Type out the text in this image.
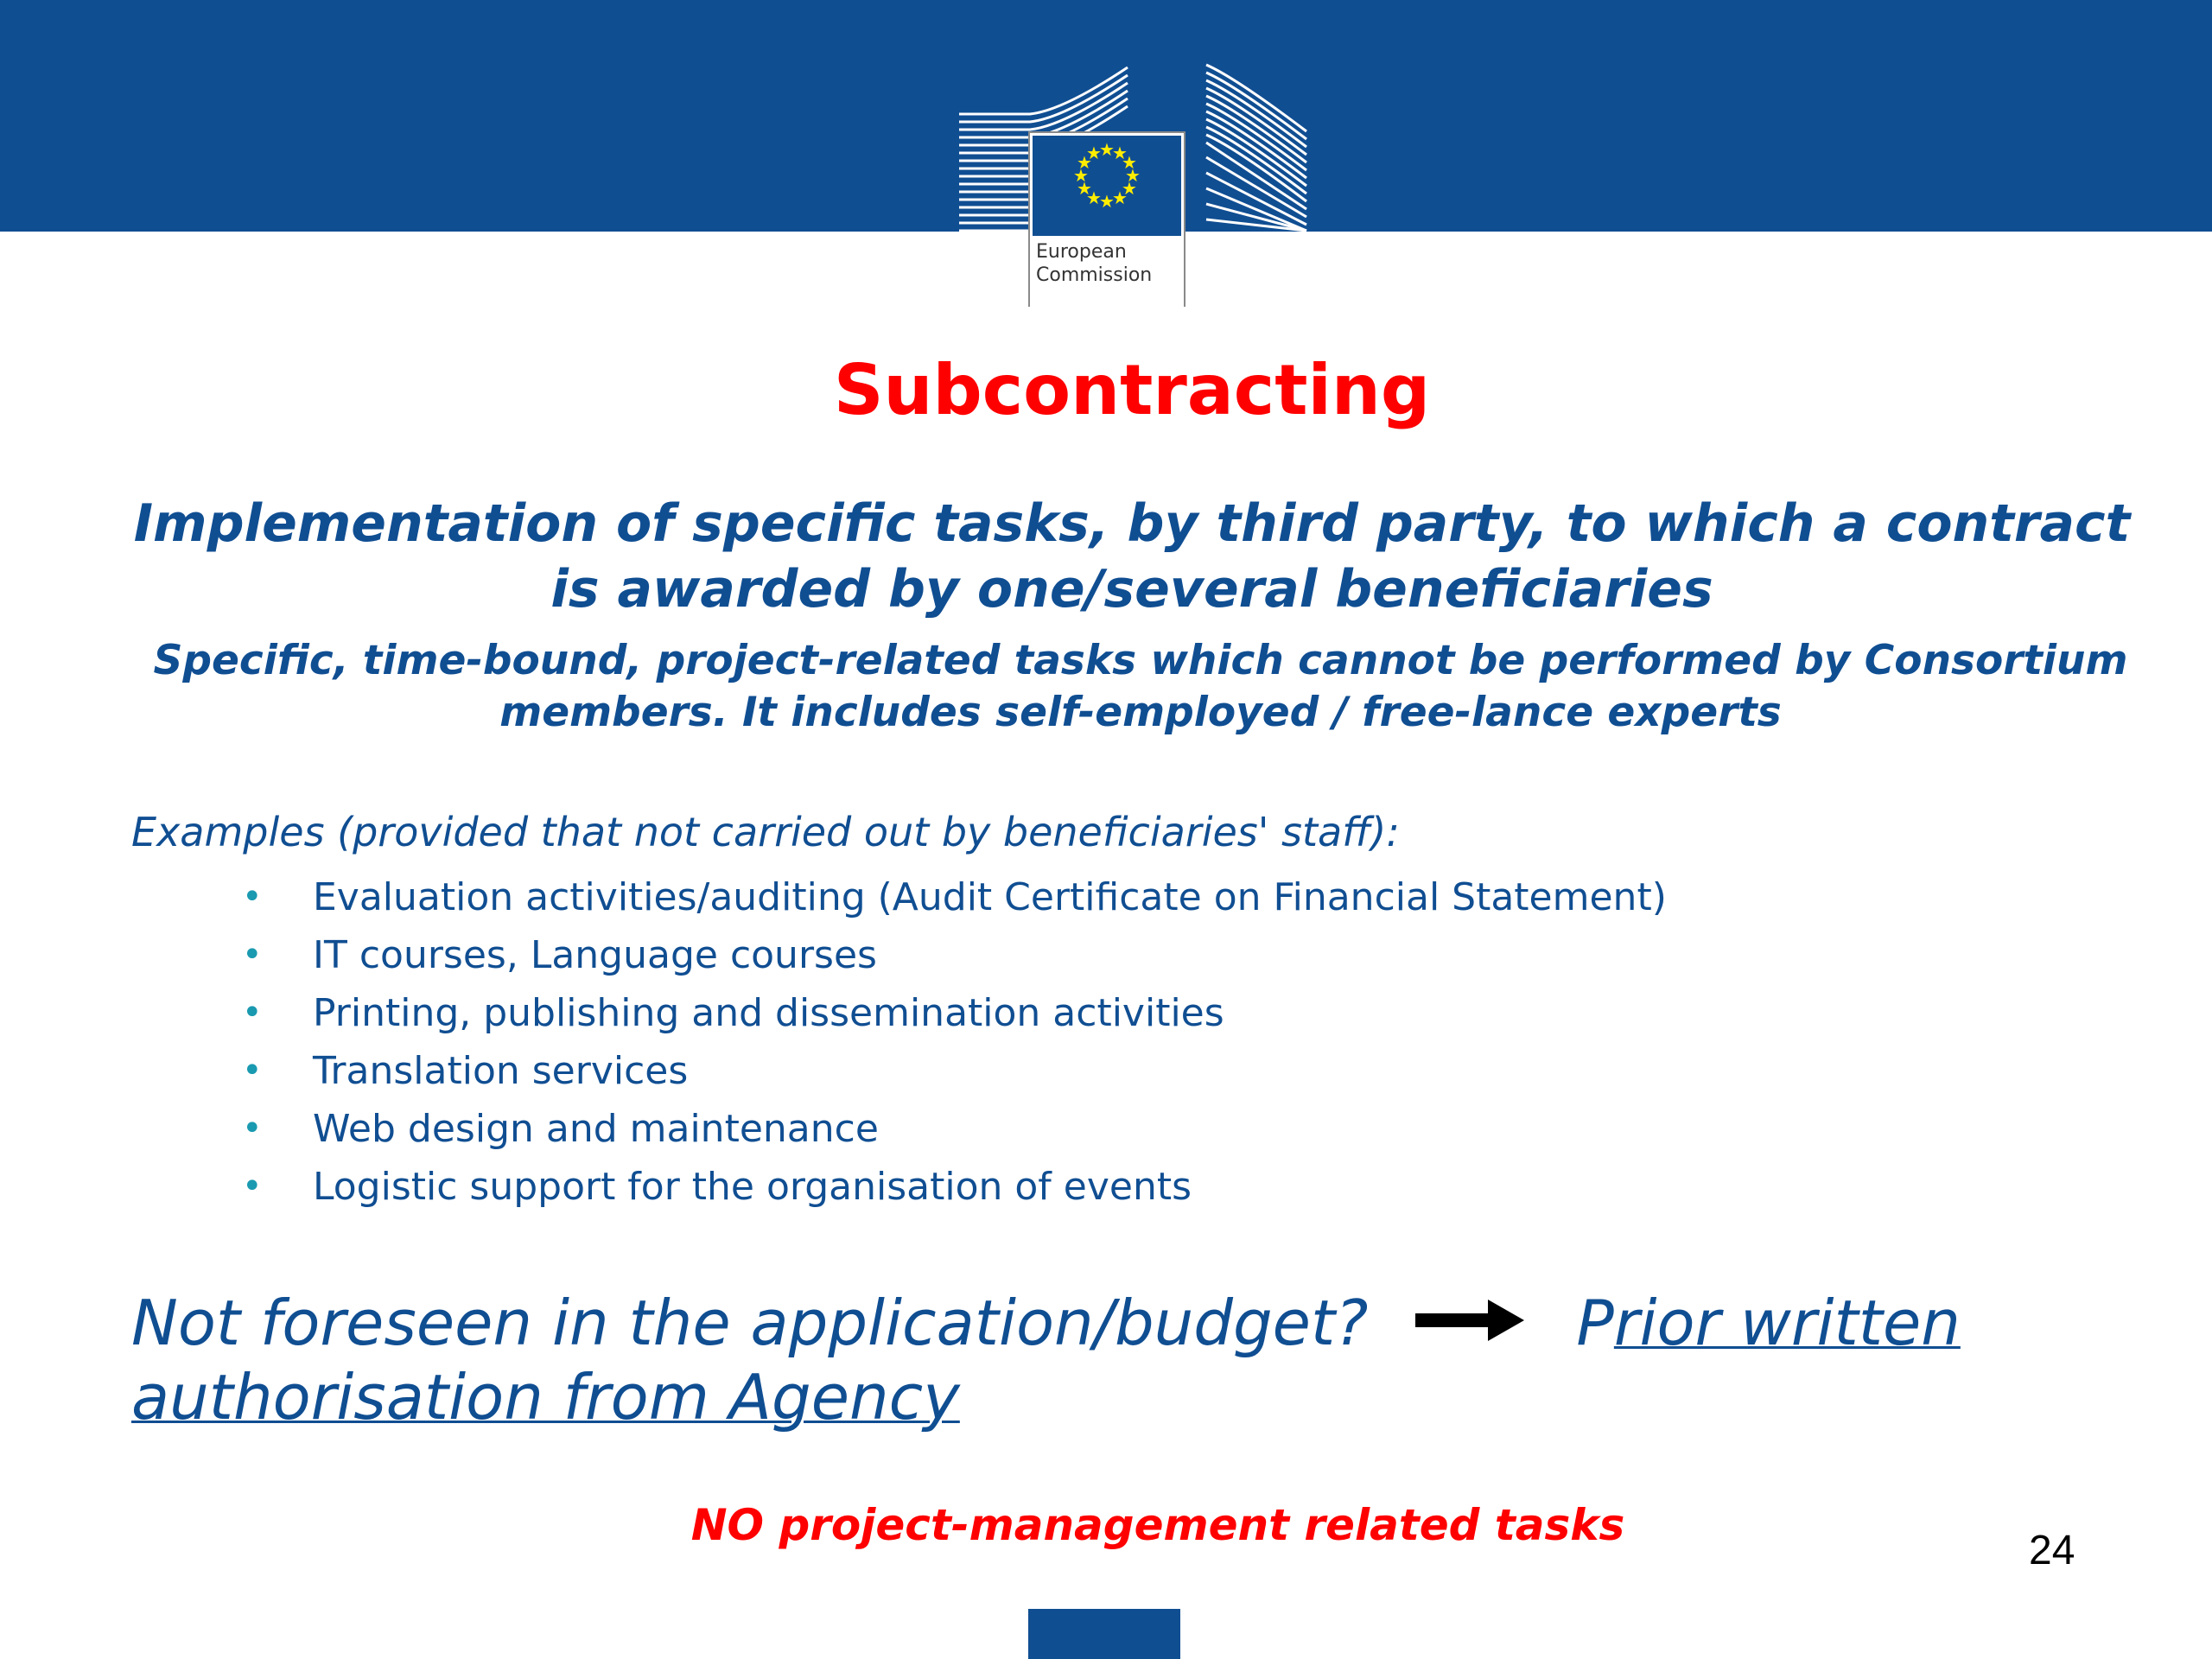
★
★
★
★
★
★
★
★
★
★
★
★
European
Commission
Subcontracting
Implementation of specific tasks, by third party, to which a contract is awarded by one/several beneficiaries
Specific, time-bound, project-related tasks which cannot be performed by Consortium members. It includes self-employed / free-lance experts
Examples (provided that not carried out by beneficiaries' staff):
• Evaluation activities/auditing (Audit Certificate on Financial Statement)
• IT courses, Language courses
• Printing, publishing and dissemination activities
• Translation services
• Web design and maintenance
• Logistic support for the organisation of events
Not foreseen in the application/budget?	Prior written authorisation from Agency
NO project-management related tasks
24
